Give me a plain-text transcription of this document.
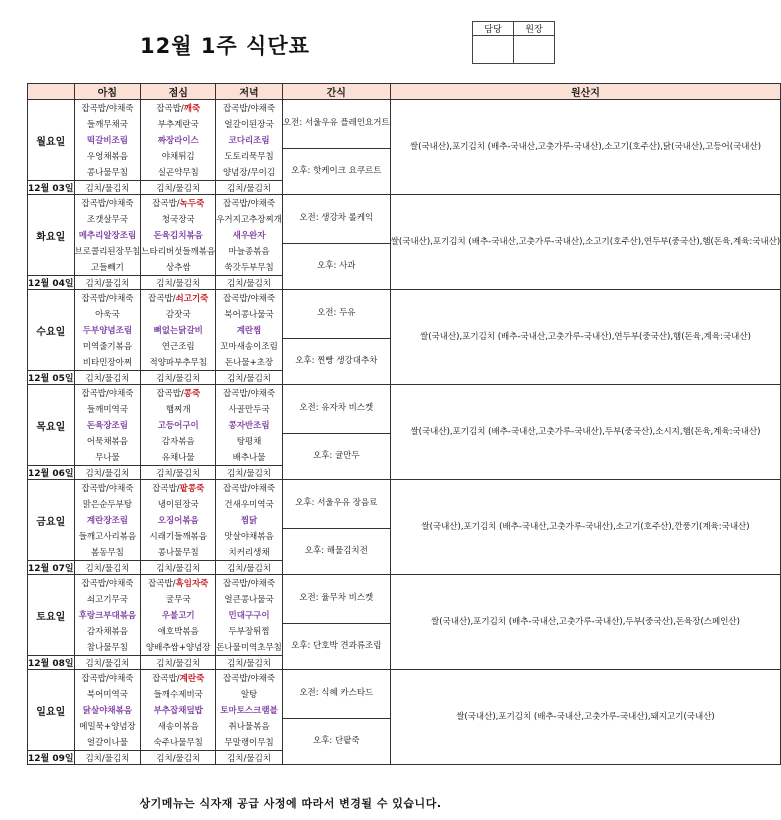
12월 1주 식단표
담당	원장

	아침	점심	저녁	간식	원산지
월요일	잡곡밥/야채죽	잡곡밥/깨죽	잡곡밥/야채죽	오전: 서울우유 플레인요거트	쌀(국내산),포기김치 (배추-국내산,고춧가루-국내산),소고기(호주산),닭(국내산),고등어(국내산)
	들깨무채국	부추계란국	얼갈이된장국		
	떡갈비조림	짜장라이스	코다리조림		
	우엉채볶음	야채튀김	도토리묵무침	오후: 핫케이크 요쿠르트	
	콩나물무침	실곤약무침	양념장/무이김		
12월 03일	김치/물김치	김치/물김치	김치/물김치		
화요일	잡곡밥/야채죽	잡곡밥/녹두죽	잡곡밥/야채죽	오전: 생강차 롤케익	쌀(국내산),포기김치 (배추-국내산,고춧가루-국내산),소고기(호주산),연두부(중국산),햄(돈육,계육:국내산)
	조갯살무국	청국장국	우거지고추장찌개		
	메추리알장조림	돈육김치볶음	새우완자		
	브로콜리된장무침	느타리버섯들깨볶음	마늘종볶음	오후: 사과	
	고들빼기	상추쌈	쑥갓두부무침		
12월 04일	김치/물김치	김치/물김치	김치/물김치		
수요일	잡곡밥/야채죽	잡곡밥/쇠고기죽	잡곡밥/야채죽	오전: 두유	쌀(국내산),포기김치 (배추-국내산,고춧가루-국내산),연두부(중국산),햄(돈육,계육:국내산)
	아욱국	감잣국	북어콩나물국		
	두부양념조림	뼈없는닭갈비	계란찜		
	미역줄기볶음	연근조림	꼬마새송이조림	오후: 찐빵 생강대추차	
	비타민장아찌	적양파부추무침	돈나물+초장		
12월 05일	김치/물김치	김치/물김치	김치/물김치		
목요일	잡곡밥/야채죽	잡곡밥/콩죽	잡곡밥/야채죽	오전: 유자차 비스켓	쌀(국내산),포기김치 (배추-국내산,고춧가루-국내산),두부(중국산),소시지,햄(돈육,계육:국내산)
	들깨미역국	햄찌개	사골만두국		
	돈육장조림	고등어구이	콩자반조림		
	어묵채볶음	감자볶음	탕평채	오후: 귤만두	
	무나물	유채나물	배추나물		
12월 06일	김치/물김치	김치/물김치	김치/물김치		
금요일	잡곡밥/야채죽	잡곡밥/팥콩죽	잡곡밥/야채죽	오후: 서울우유 장음료	쌀(국내산),포기김치 (배추-국내산,고춧가루-국내산),소고기(호주산),깐풍기(계육:국내산)
	맑은순두부탕	냉이된장국	건새우미역국		
	계란장조림	오징어볶음	찜닭		
	들깨고사리볶음	시래기들깨볶음	맛살야채볶음	오후: 해물김치전	
	봄동무침	콩나물무침	치커리생채		
12월 07일	김치/물김치	김치/물김치	김치/물김치		
토요일	잡곡밥/야채죽	잡곡밥/흑임자죽	잡곡밥/야채죽	오전: 율무차 비스켓	쌀(국내산),포기김치 (배추-국내산,고춧가루-국내산),두부(중국산),돈육장(스페인산)
	쇠고기무국	굴무국	얼큰콩나물국		
	후랑크부대볶음	우불고기	민대구구이		
	감자채볶음	애호박볶음	두부장튀찜	오후: 단호박 견과류조림	
	참나물무침	양배추쌈+양념장	돈나물미역초무침		
12월 08일	김치/물김치	김치/물김치	김치/물김치		
일요일	잡곡밥/야채죽	잡곡밥/계란죽	잡곡밥/야채죽	오전: 식혜 카스타드	쌀(국내산),포기김치 (배추-국내산,고춧가루-국내산),돼지고기(국내산)
	북어미역국	들깨수제비국	알탕		
	닭살야채볶음	부추잡채덮밥	토마토스크램블		
	메밀묵+양념장	새송이볶음	취나물볶음	오후: 단팥죽	
	얼갈이나물	숙주나물무침	무말랭이무침		
12월 09일	김치/물김치	김치/물김치	김치/물김치		
상기메뉴는 식자재 공급 사정에 따라서 변경될 수 있습니다.
